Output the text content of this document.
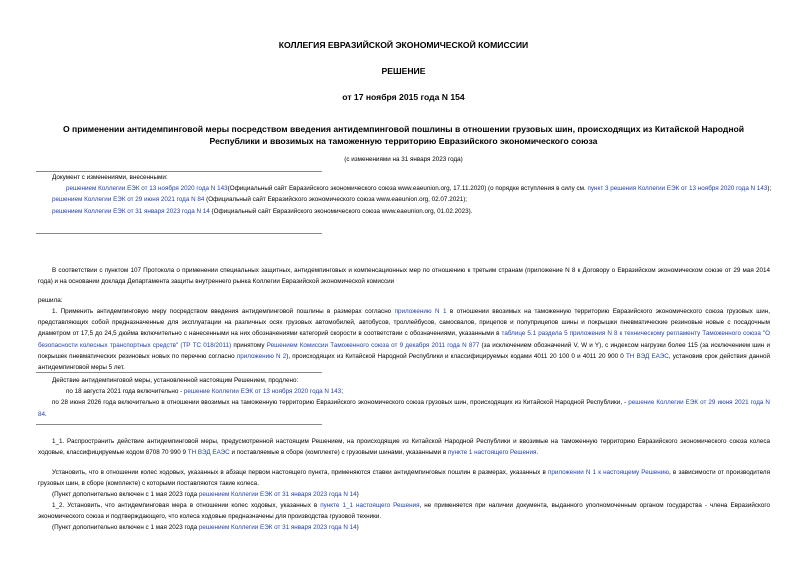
КОЛЛЕГИЯ ЕВРАЗИЙСКОЙ ЭКОНОМИЧЕСКОЙ КОМИССИИ
РЕШЕНИЕ
от 17 ноября 2015 года N 154
О применении антидемпинговой меры посредством введения антидемпинговой пошлины в отношении грузовых шин, происходящих из Китайской Народной
Республики и ввозимых на таможенную территорию Евразийского экономического союза
(с изменениями на 31 января 2023 года)

Документ с изменениями, внесенными:

решением Коллегии ЕЭК от 13 ноября 2020 года N 143(Официальный сайт Евразийского экономического союза www.eaeunion.org, 17.11.2020) (о порядке вступления в силу см. пункт 3 решения Коллегии ЕЭК от 13 ноября 2020 года N 143);

решением Коллегии ЕЭК от 29 июня 2021 года N 84 (Официальный сайт Евразийского экономического союза www.eaeunion.org, 02.07.2021);

решением Коллегии ЕЭК от 31 января 2023 года N 14 (Официальный сайт Евразийского экономического союза www.eaeunion.org, 01.02.2023).

В соответствии с пунктом 107 Протокола о применении специальных защитных, антидемпинговых и компенсационных мер по отношению к третьим странам (приложение N 8 к Договору о Евразийском экономическом союзе от 29 мая 2014 года) и на основании доклада Департамента защиты внутреннего рынка Коллегии Евразийской экономической комиссии
решила:
1. Применить антидемпинговую меру посредством введения антидемпинговой пошлины в размерах согласно приложению N 1 в отношении ввозимых на таможенную территорию Евразийского экономического союза грузовых шин, представляющих собой предназначенные для эксплуатации на различных осях грузовых автомобилей, автобусов, троллейбусов, самосвалов, прицепов и полуприцепов шины и покрышки пневматические резиновые новые с посадочным диаметром от 17,5 до 24,5 дюйма включительно с нанесенными на них обозначениями категорий скорости в соответствии с обозначениями, указанными в таблице 5.1 раздела 5 приложения N 8 к техническому регламенту Таможенного союза "О безопасности колесных транспортных средств" (ТР ТС 018/2011) принятому Решением Комиссии Таможенного союза от 9 декабря 2011 года N 877 (за исключением обозначений V, W и Y), с индексом нагрузки более 115 (за исключением шин и покрышек пневматических резиновых новых по перечню согласно приложению N 2), происходящих из Китайской Народной Республики и классифицируемых кодами 4011 20 100 0 и 4011 20 900 0 ТН ВЭД ЕАЭС, установив срок действия данной антидемпинговой меры 5 лет.

Действие антидемпинговой меры, установленной настоящим Решением, продлено:

по 18 августа 2021 года включительно - решение Коллегии ЕЭК от 13 ноября 2020 года N 143;

по 28 июня 2026 года включительно в отношении ввозимых на таможенную территорию Евразийского экономического союза грузовых шин, происходящих из Китайской Народной Республики, - решение Коллегии ЕЭК от 29 июня 2021 года N 84.

1_1. Распространить действие антидемпинговой меры, предусмотренной настоящим Решением, на происходящие из Китайской Народной Республики и ввозимые на таможенную территорию Евразийского экономического союза колеса ходовые, классифицируемые кодом 8708 70 990 9 ТН ВЭД ЕАЭС и поставляемые в сборе (комплекте) с грузовыми шинами, указанными в пункте 1 настоящего Решения.
Установить, что в отношении колес ходовых, указанных в абзаце первом настоящего пункта, применяются ставки антидемпинговых пошлин в размерах, указанных в приложении N 1 к настоящему Решению, в зависимости от производителя грузовых шин, в сборе (комплекте) с которыми поставляются такие колеса.
(Пункт дополнительно включен с 1 мая 2023 года решением Коллегии ЕЭК от 31 января 2023 года N 14)
1_2. Установить, что антидемпинговая мера в отношении колес ходовых, указанных в пункте 1_1 настоящего Решения, не применяется при наличии документа, выданного уполномоченным органом государства - члена Евразийского экономического союза и подтверждающего, что колеса ходовые предназначены для производства грузовой техники.
(Пункт дополнительно включен с 1 мая 2023 года решением Коллегии ЕЭК от 31 января 2023 года N 14)
